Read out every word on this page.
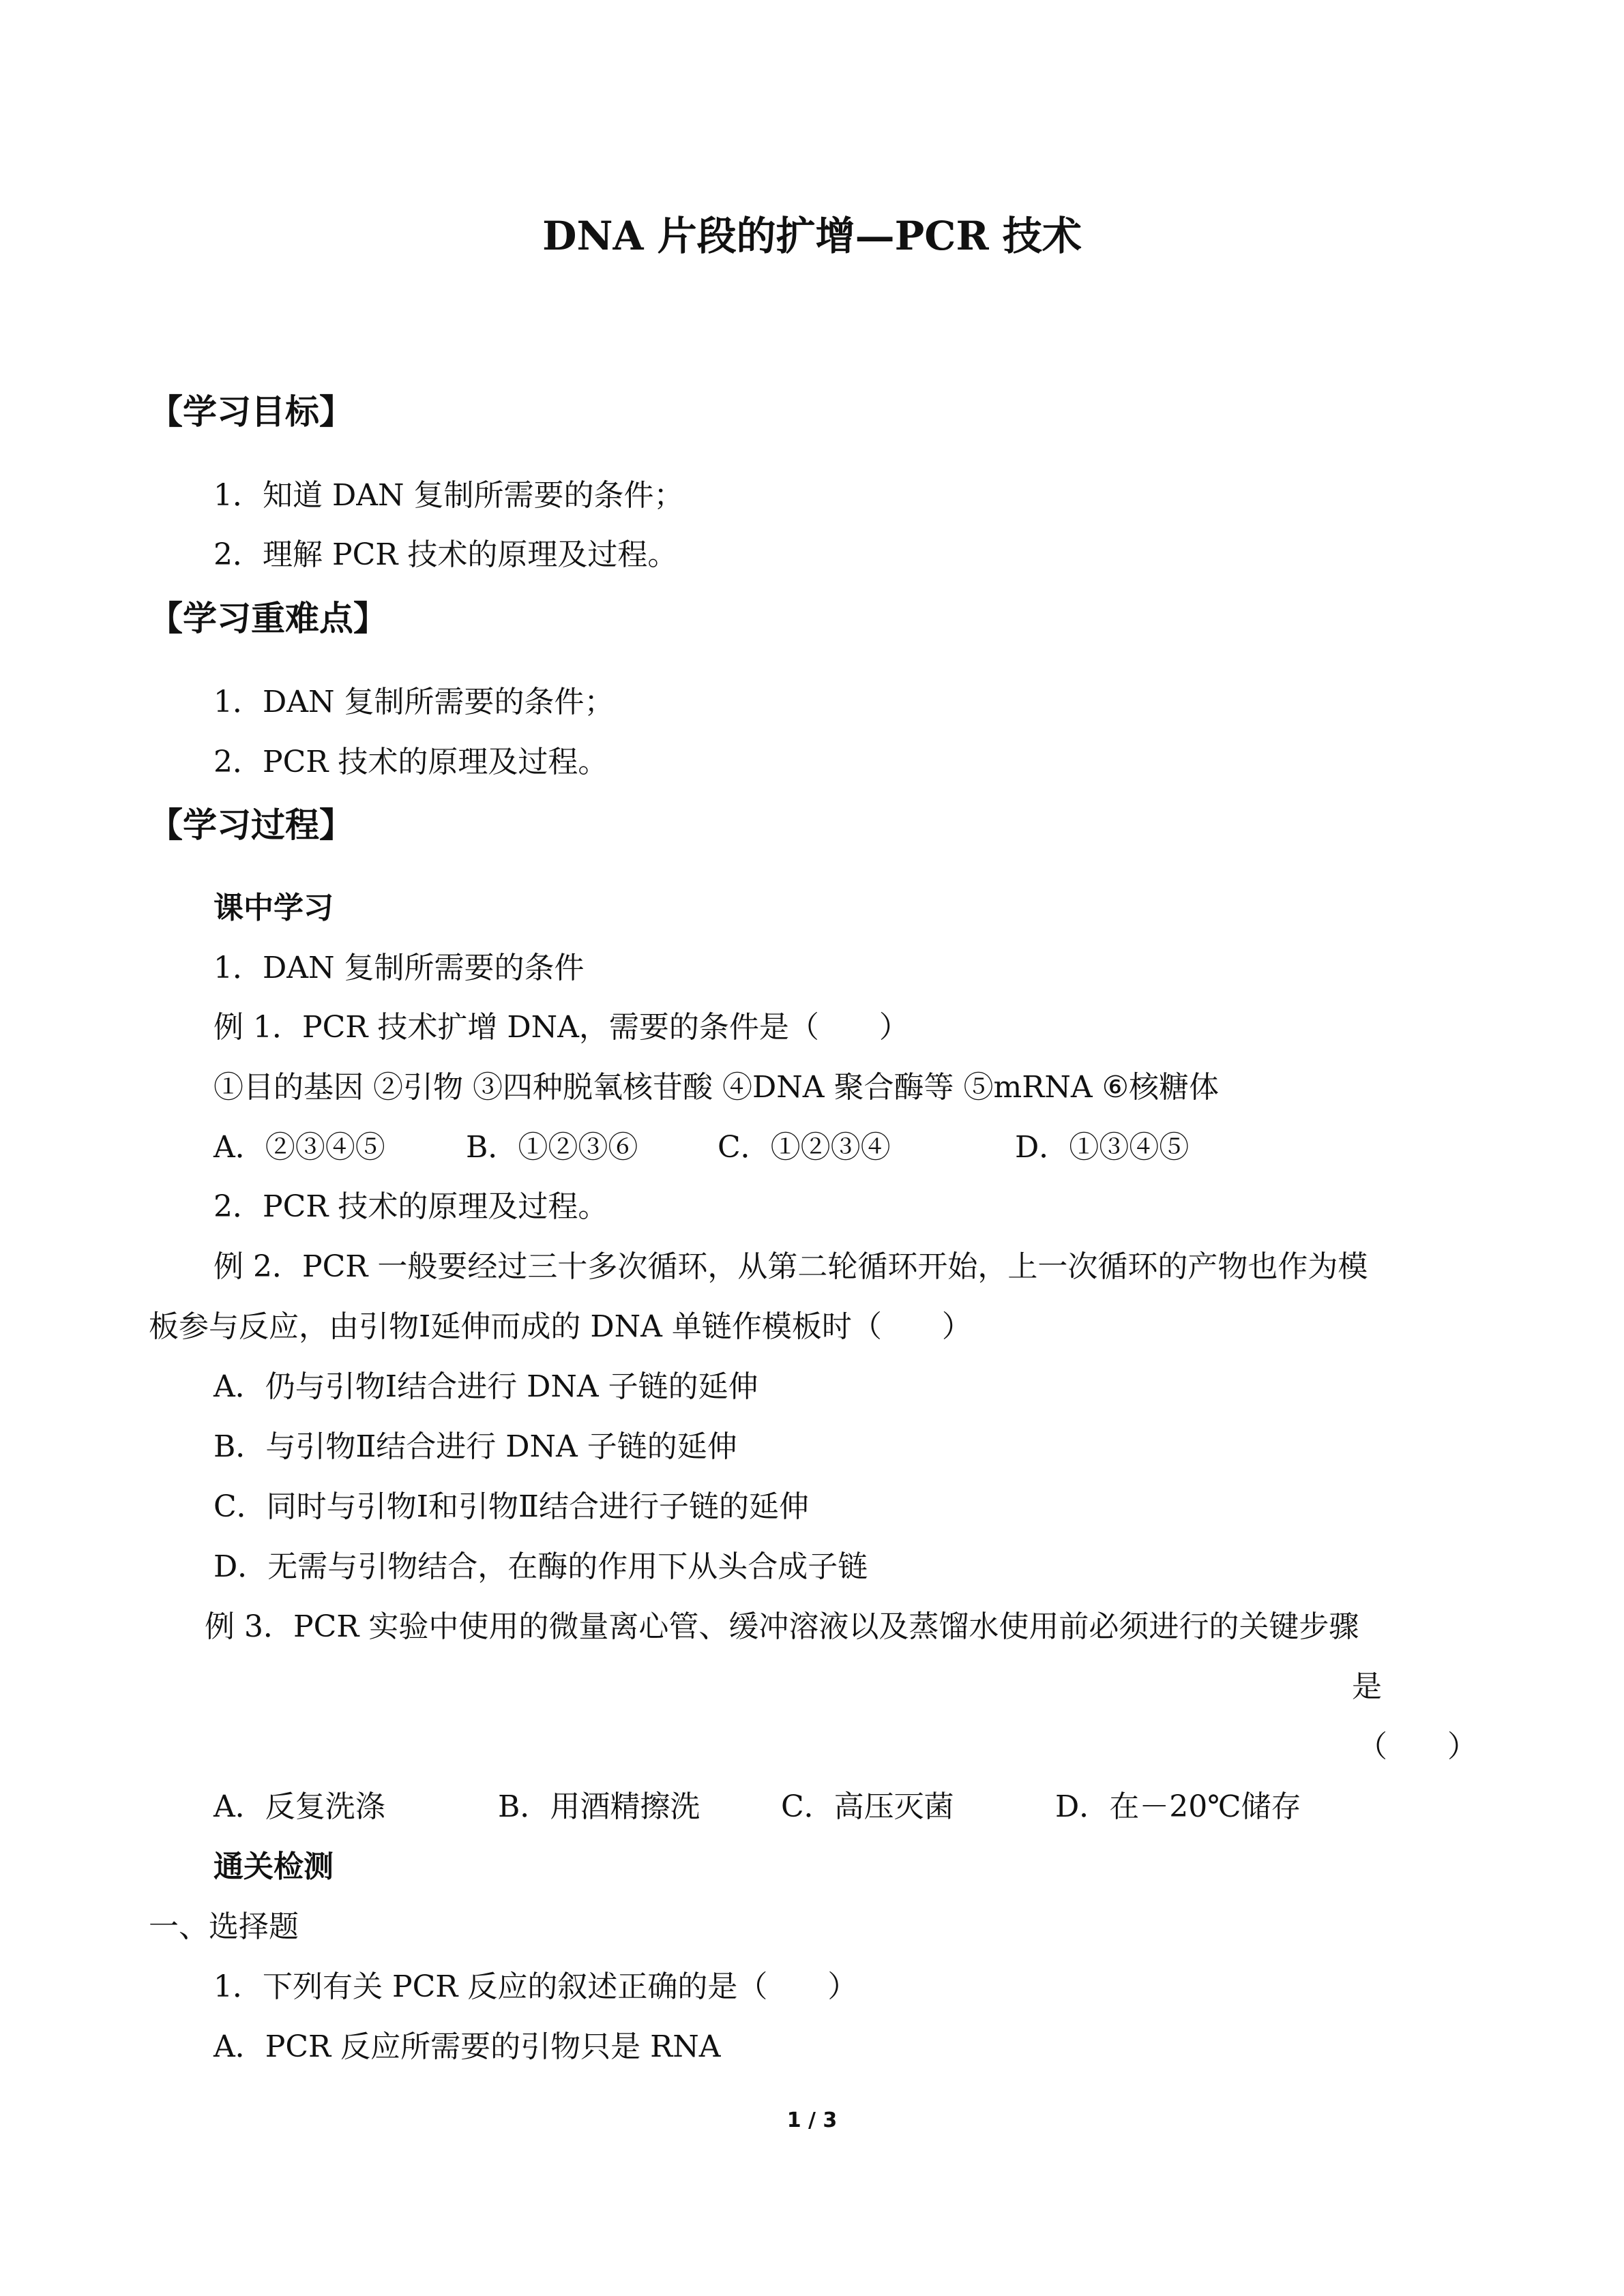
DNA 片段的扩增—PCR 技术
【学习目标】
1．知道 DAN 复制所需要的条件；
2．理解 PCR 技术的原理及过程。
【学习重难点】
1．DAN 复制所需要的条件；
2．PCR 技术的原理及过程。
【学习过程】
课中学习
1．DAN 复制所需要的条件
例 1．PCR 技术扩增 DNA，需要的条件是（　　）
①目的基因 ②引物 ③四种脱氧核苷酸 ④DNA 聚合酶等 ⑤mRNA ⑥核糖体
A．②③④⑤	B．①②③⑥	C．①②③④	D．①③④⑤
2．PCR 技术的原理及过程。
例 2．PCR 一般要经过三十多次循环，从第二轮循环开始，上一次循环的产物也作为模
板参与反应，由引物Ⅰ延伸而成的 DNA 单链作模板时（　　）
A．仍与引物Ⅰ结合进行 DNA 子链的延伸
B．与引物Ⅱ结合进行 DNA 子链的延伸
C．同时与引物Ⅰ和引物Ⅱ结合进行子链的延伸
D．无需与引物结合，在酶的作用下从头合成子链
例 3．PCR 实验中使用的微量离心管、缓冲溶液以及蒸馏水使用前必须进行的关键步骤
是
（　　）
A．反复洗涤	B．用酒精擦洗	C．高压灭菌	D．在－20℃储存
通关检测
一、选择题
1．下列有关 PCR 反应的叙述正确的是（　　）
A．PCR 反应所需要的引物只是 RNA
1 / 3
